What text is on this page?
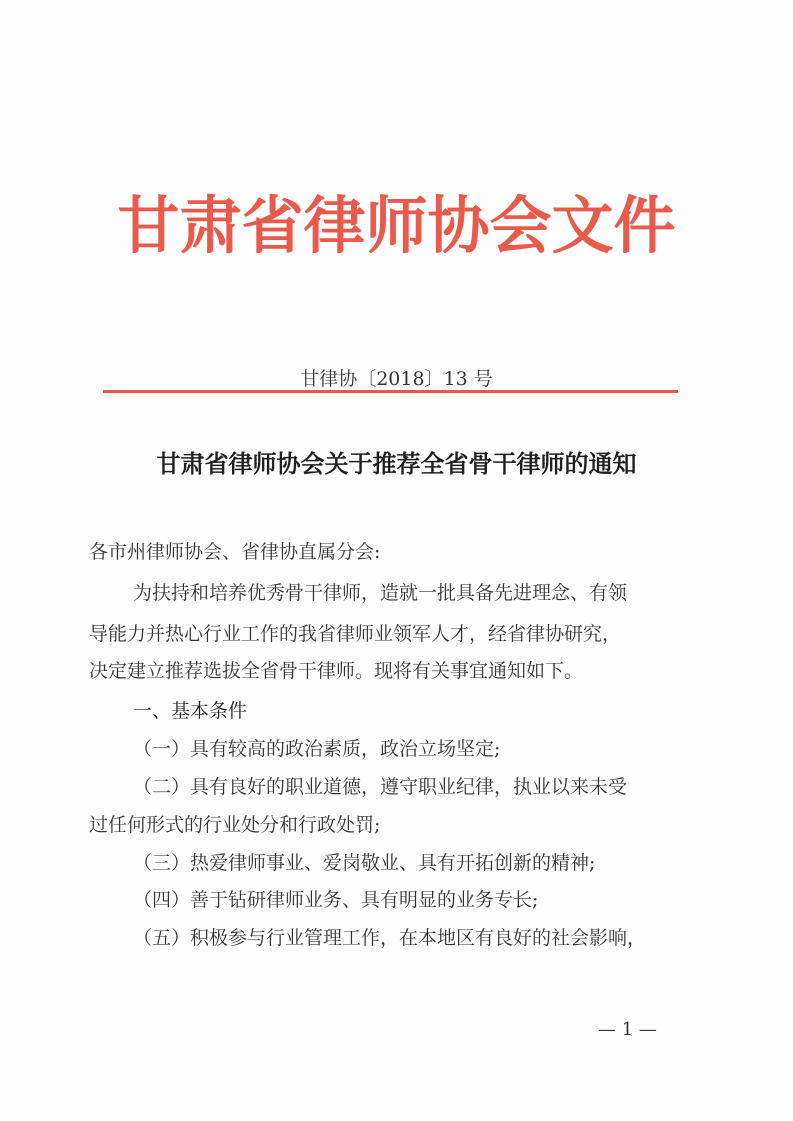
甘肃省律师协会文件
甘律协〔2018〕13 号
甘肃省律师协会关于推荐全省骨干律师的通知
各市州律师协会、省律协直属分会:
为扶持和培养优秀骨干律师，造就一批具备先进理念、有领
导能力并热心行业工作的我省律师业领军人才，经省律协研究，
决定建立推荐选拔全省骨干律师。现将有关事宜通知如下。
一、基本条件
（一）具有较高的政治素质，政治立场坚定;
（二）具有良好的职业道德，遵守职业纪律，执业以来未受
过任何形式的行业处分和行政处罚;
（三）热爱律师事业、爱岗敬业、具有开拓创新的精神;
（四）善于钻研律师业务、具有明显的业务专长;
（五）积极参与行业管理工作，在本地区有良好的社会影响，
— 1 —
